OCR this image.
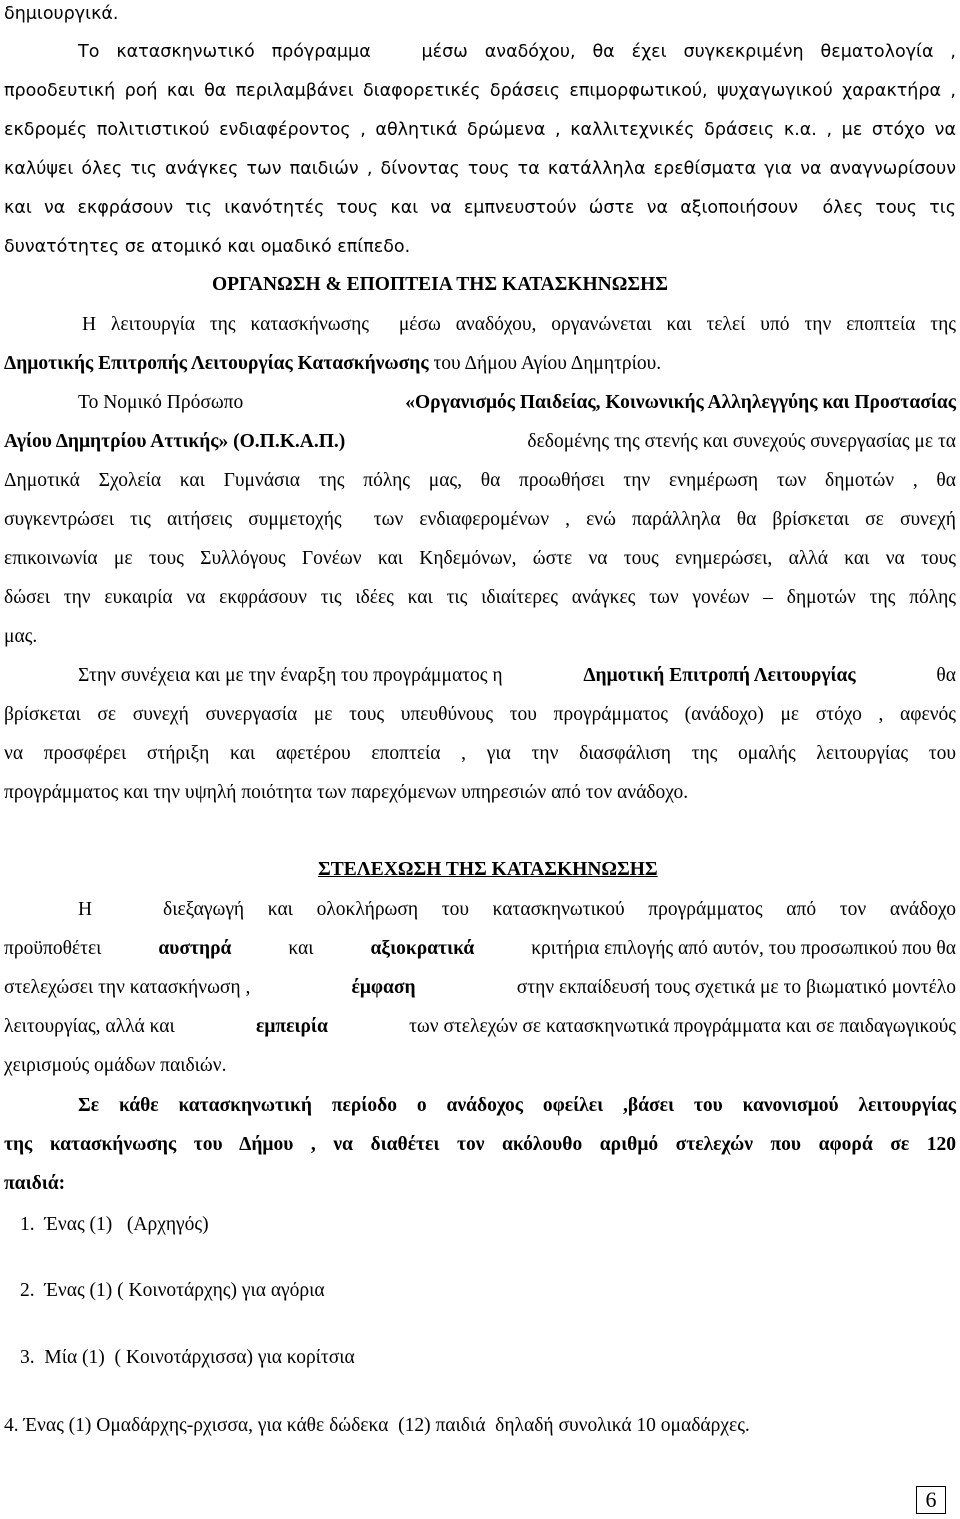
δημιουργικά.
Το κατασκηνωτικό πρόγραμμα   μέσω αναδόχου, θα έχει συγκεκριμένη θεματολογία ,
προοδευτική ροή και θα περιλαμβάνει διαφορετικές δράσεις επιμορφωτικού, ψυχαγωγικού χαρακτήρα ,
εκδρομές πολιτιστικού ενδιαφέροντος , αθλητικά δρώμενα , καλλιτεχνικές δράσεις κ.α. , με στόχο να
καλύψει όλες τις ανάγκες των παιδιών , δίνοντας τους τα κατάλληλα ερεθίσματα για να αναγνωρίσουν
και να εκφράσουν τις ικανότητές τους και να εμπνευστούν ώστε να αξιοποιήσουν  όλες τους τις
δυνατότητες σε ατομικό και ομαδικό επίπεδο.
ΟΡΓΑΝΩΣΗ & ΕΠΟΠΤΕΙΑ ΤΗΣ ΚΑΤΑΣΚΗΝΩΣΗΣ
Η λειτουργία της κατασκήνωσης  μέσω αναδόχου, οργανώνεται και τελεί υπό την εποπτεία της
Δημοτικής Επιτροπής Λειτουργίας Κατασκήνωσης του Δήμου Αγίου Δημητρίου.
Το Νομικό Πρόσωπο	«Οργανισμός Παιδείας, Κοινωνικής Αλληλεγγύης και Προστασίας
Αγίου Δημητρίου Αττικής» (Ο.Π.Κ.Α.Π.)	δεδομένης της στενής και συνεχούς συνεργασίας με τα
Δημοτικά Σχολεία και Γυμνάσια της πόλης μας, θα προωθήσει την ενημέρωση των δημοτών , θα
συγκεντρώσει τις αιτήσεις συμμετοχής  των ενδιαφερομένων , ενώ παράλληλα θα βρίσκεται σε συνεχή
επικοινωνία με τους Συλλόγους Γονέων και Κηδεμόνων, ώστε να τους ενημερώσει, αλλά και να τους
δώσει την ευκαιρία να εκφράσουν τις ιδέες και τις ιδιαίτερες ανάγκες των γονέων – δημοτών της πόλης
μας.
Στην συνέχεια και με την έναρξη του προγράμματος η	Δημοτική Επιτροπή Λειτουργίας	θα
βρίσκεται σε συνεχή συνεργασία με τους υπευθύνους του προγράμματος (ανάδοχο) με στόχο , αφενός
να προσφέρει στήριξη και αφετέρου εποπτεία , για την διασφάλιση της ομαλής λειτουργίας του
προγράμματος και την υψηλή ποιότητα των παρεχόμενων υπηρεσιών από τον ανάδοχο.
ΣΤΕΛΕΧΩΣΗ ΤΗΣ ΚΑΤΑΣΚΗΝΩΣΗΣ
Η   διεξαγωγή και ολοκλήρωση του κατασκηνωτικού προγράμματος από τον ανάδοχο
προϋποθέτει	αυστηρά	και	αξιοκρατικά	κριτήρια επιλογής από αυτόν, του προσωπικού που θα
στελεχώσει την κατασκήνωση ,	έμφαση	στην εκπαίδευσή τους σχετικά με το βιωματικό μοντέλο
λειτουργίας, αλλά και	εμπειρία	των στελεχών σε κατασκηνωτικά προγράμματα και σε παιδαγωγικούς
χειρισμούς ομάδων παιδιών.
Σε κάθε κατασκηνωτική περίοδο ο ανάδοχος οφείλει ,βάσει του κανονισμού λειτουργίας
της κατασκήνωσης του Δήμου , να διαθέτει τον ακόλουθο αριθμό στελεχών που αφορά σε 120
παιδιά:
1.  Ένας (1)   (Αρχηγός)
2.  Ένας (1) ( Κοινοτάρχης) για αγόρια
3.  Μία (1)  ( Κοινοτάρχισσα) για κορίτσια
4. Ένας (1) Ομαδάρχης-ρχισσα, για κάθε δώδεκα  (12) παιδιά  δηλαδή συνολικά 10 ομαδάρχες.
6
